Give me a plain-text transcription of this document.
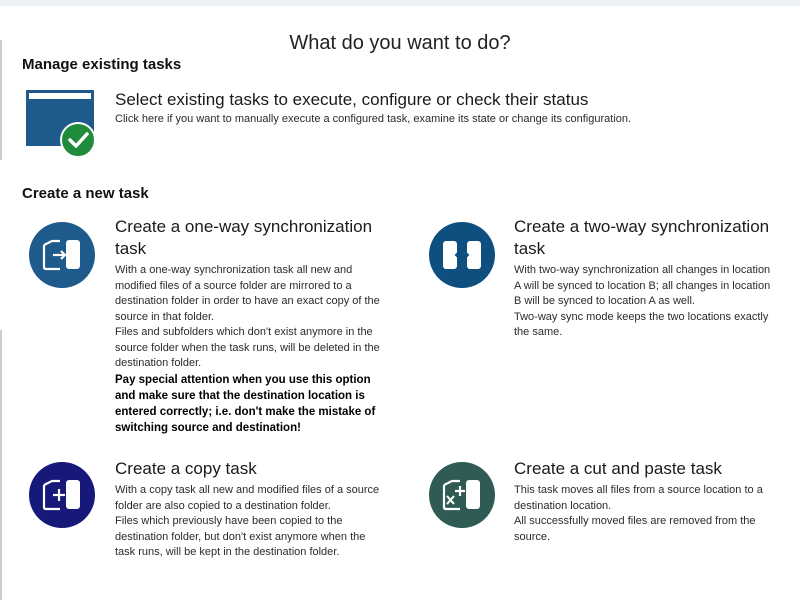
What do you want to do?
Manage existing tasks
Select existing tasks to execute, configure or check their status
Click here if you want to manually execute a configured task, examine its state or change its configuration.
Create a new task
Create a one-way synchronization task

With a one-way synchronization task all new and modified files of a source folder are mirrored to a destination folder in order to have an exact copy of the source in that folder.

Files and subfolders which don't exist anymore in the source folder when the task runs, will be deleted in the destination folder.

Pay special attention when you use this option and make sure that the destination location is entered correctly; i.e. don't make the mistake of switching source and destination!
Create a two-way synchronization task

With two-way synchronization all changes in location A will be synced to location B; all changes in location B will be synced to location A as well.

Two-way sync mode keeps the two locations exactly the same.

Create a copy task

With a copy task all new and modified files of a source folder are also copied to a destination folder.

Files which previously have been copied to the destination folder, but don't exist anymore when the task runs, will be kept in the destination folder.

Create a cut and paste task

This task moves all files from a source location to a destination location.

All successfully moved files are removed from the source.
